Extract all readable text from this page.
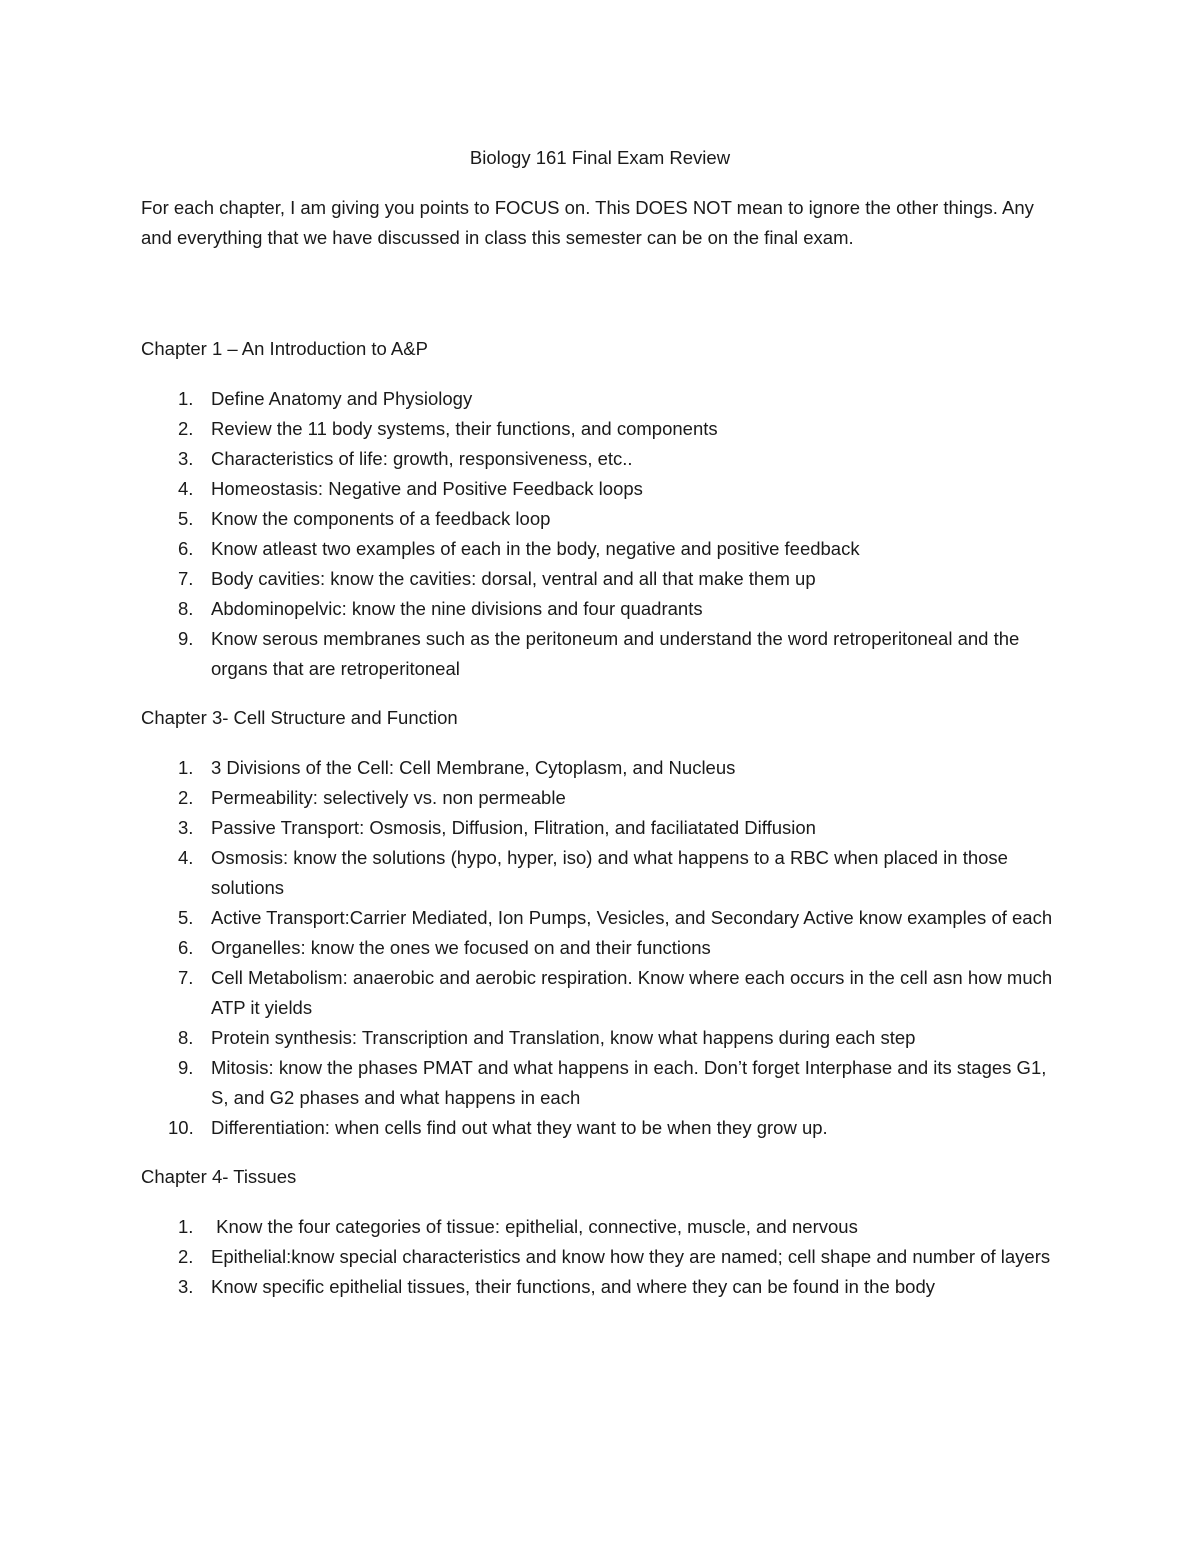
Biology 161 Final Exam Review

For each chapter, I am giving you points to FOCUS on. This DOES NOT mean to ignore the other things. Any and everything that we have discussed in class this semester can be on the final exam.

Chapter 1 – An Introduction to A&P
1. Define Anatomy and Physiology
2. Review the 11 body systems, their functions, and components
3. Characteristics of life: growth, responsiveness, etc..
4. Homeostasis: Negative and Positive Feedback loops
5. Know the components of a feedback loop
6. Know atleast two examples of each in the body, negative and positive feedback
7. Body cavities: know the cavities: dorsal, ventral and all that make them up
8. Abdominopelvic: know the nine divisions and four quadrants
9. Know serous membranes such as the peritoneum and understand the word retroperitoneal and the organs that are retroperitoneal
Chapter 3- Cell Structure and Function
1. 3 Divisions of the Cell: Cell Membrane, Cytoplasm, and Nucleus
2. Permeability: selectively vs. non permeable
3. Passive Transport: Osmosis, Diffusion, Flitration, and faciliatated Diffusion
4. Osmosis: know the solutions (hypo, hyper, iso) and what happens to a RBC when placed in those solutions
5. Active Transport:Carrier Mediated, Ion Pumps, Vesicles, and Secondary Active know examples of each
6. Organelles: know the ones we focused on and their functions
7. Cell Metabolism: anaerobic and aerobic respiration. Know where each occurs in the cell asn how much ATP it yields
8. Protein synthesis: Transcription and Translation, know what happens during each step
9. Mitosis: know the phases PMAT and what happens in each. Don’t forget Interphase and its stages G1, S, and G2 phases and what happens in each
10. Differentiation: when cells find out what they want to be when they grow up.
Chapter 4- Tissues
1. Know the four categories of tissue: epithelial, connective, muscle, and nervous
2. Epithelial:know special characteristics and know how they are named; cell shape and number of layers
3. Know specific epithelial tissues, their functions, and where they can be found in the body
